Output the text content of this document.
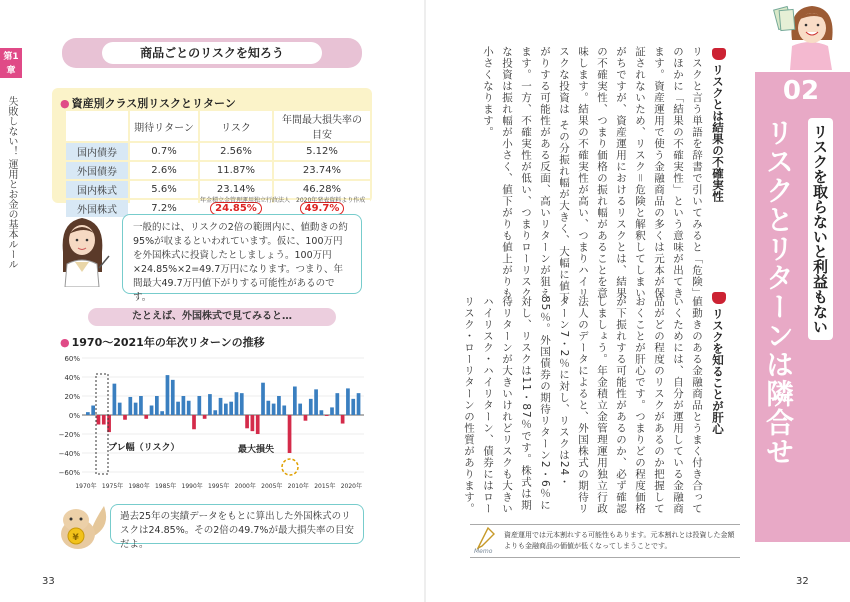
第1章
失敗しない！ 運用とお金の基本ルール
商品ごとのリスクを知ろう
● 資産別クラス別リスクとリターン
	期待リターン	リスク	年間最大損失率の目安
国内債券	0.7%	2.56%	5.12%
外国債券	2.6%	11.87%	23.74%
国内株式	5.6%	23.14%	46.28%
外国株式	7.2%	24.85%	49.7%
年金積立金管理運用独立行政法人　2020年発表資料より作成
一般的には、リスクの2倍の範囲内に、値動きの約95%が収まるといわれています。仮に、100万円を外国株式に投資したとしましょう。100万円×24.85%×2=49.7万円になります。つまり、年間最大49.7万円値下がりする可能性があるのです。
たとえば、外国株式で見てみると…
● 1970～2021年の年次リターンの推移
60%
40%
20%
0%
−20%
−40%
−60%
1970年 1975年 1980年 1985年 1990年 1995年 2000年 2005年 2010年 2015年 2020年
ブレ幅（リスク）	最大損失
¥
過去25年の実績データをもとに算出した外国株式のリスクは24.85%。その2倍の49.7%が最大損失率の目安だよ。
33
02
リスクを取らないと利益もない
リスクとリターンは隣合せ
リスクとは結果の不確実性
リスクと言う単語を辞書で引いてみると「危険」のほかに「結果の不確実性」という意味が出てきます。資産運用で使う金融商品の多くは元本が保証されないため、リスク＝危険と解釈してしまいがちですが、資産運用におけるリスクとは、結果の不確実性、つまり価格の振れ幅があることを意味します。結果の不確実性が高い、つまりハイリスクな投資は その分振れ幅が大きく、大幅に値下がりする可能性がある反面、高いリターンが狙えます。一方、不確実性が低い、つまりローリスクな投資は振れ幅が小さく、値下がりも値上がりも小さくなります。
リスクを知ることが肝心
値動きのある金融商品とうまく付き合っていくためには、自分が運用している金融商品がどの程度のリスクがあるのか把握しておくことが肝心です。つまりどの程度価格が下振れする可能性があるのか、必ず確認しましょう。年金積立金管理運用独立行政法人のデータによると、外国株式の期待リターン7・2％に対し、リスクは24・85％。外国債券の期待リターン2・6％に対し、リスクは11・87％です。株式は期待リターンが大きいけれどリスクも大きいハイリスク・ハイリターン、債券にはローリスク・ローリターンの性質があります。
Memo
資産運用では元本割れする可能性もあります。元本割れとは投資した金額よりも金融商品の価値が低くなってしまうことです。
32
